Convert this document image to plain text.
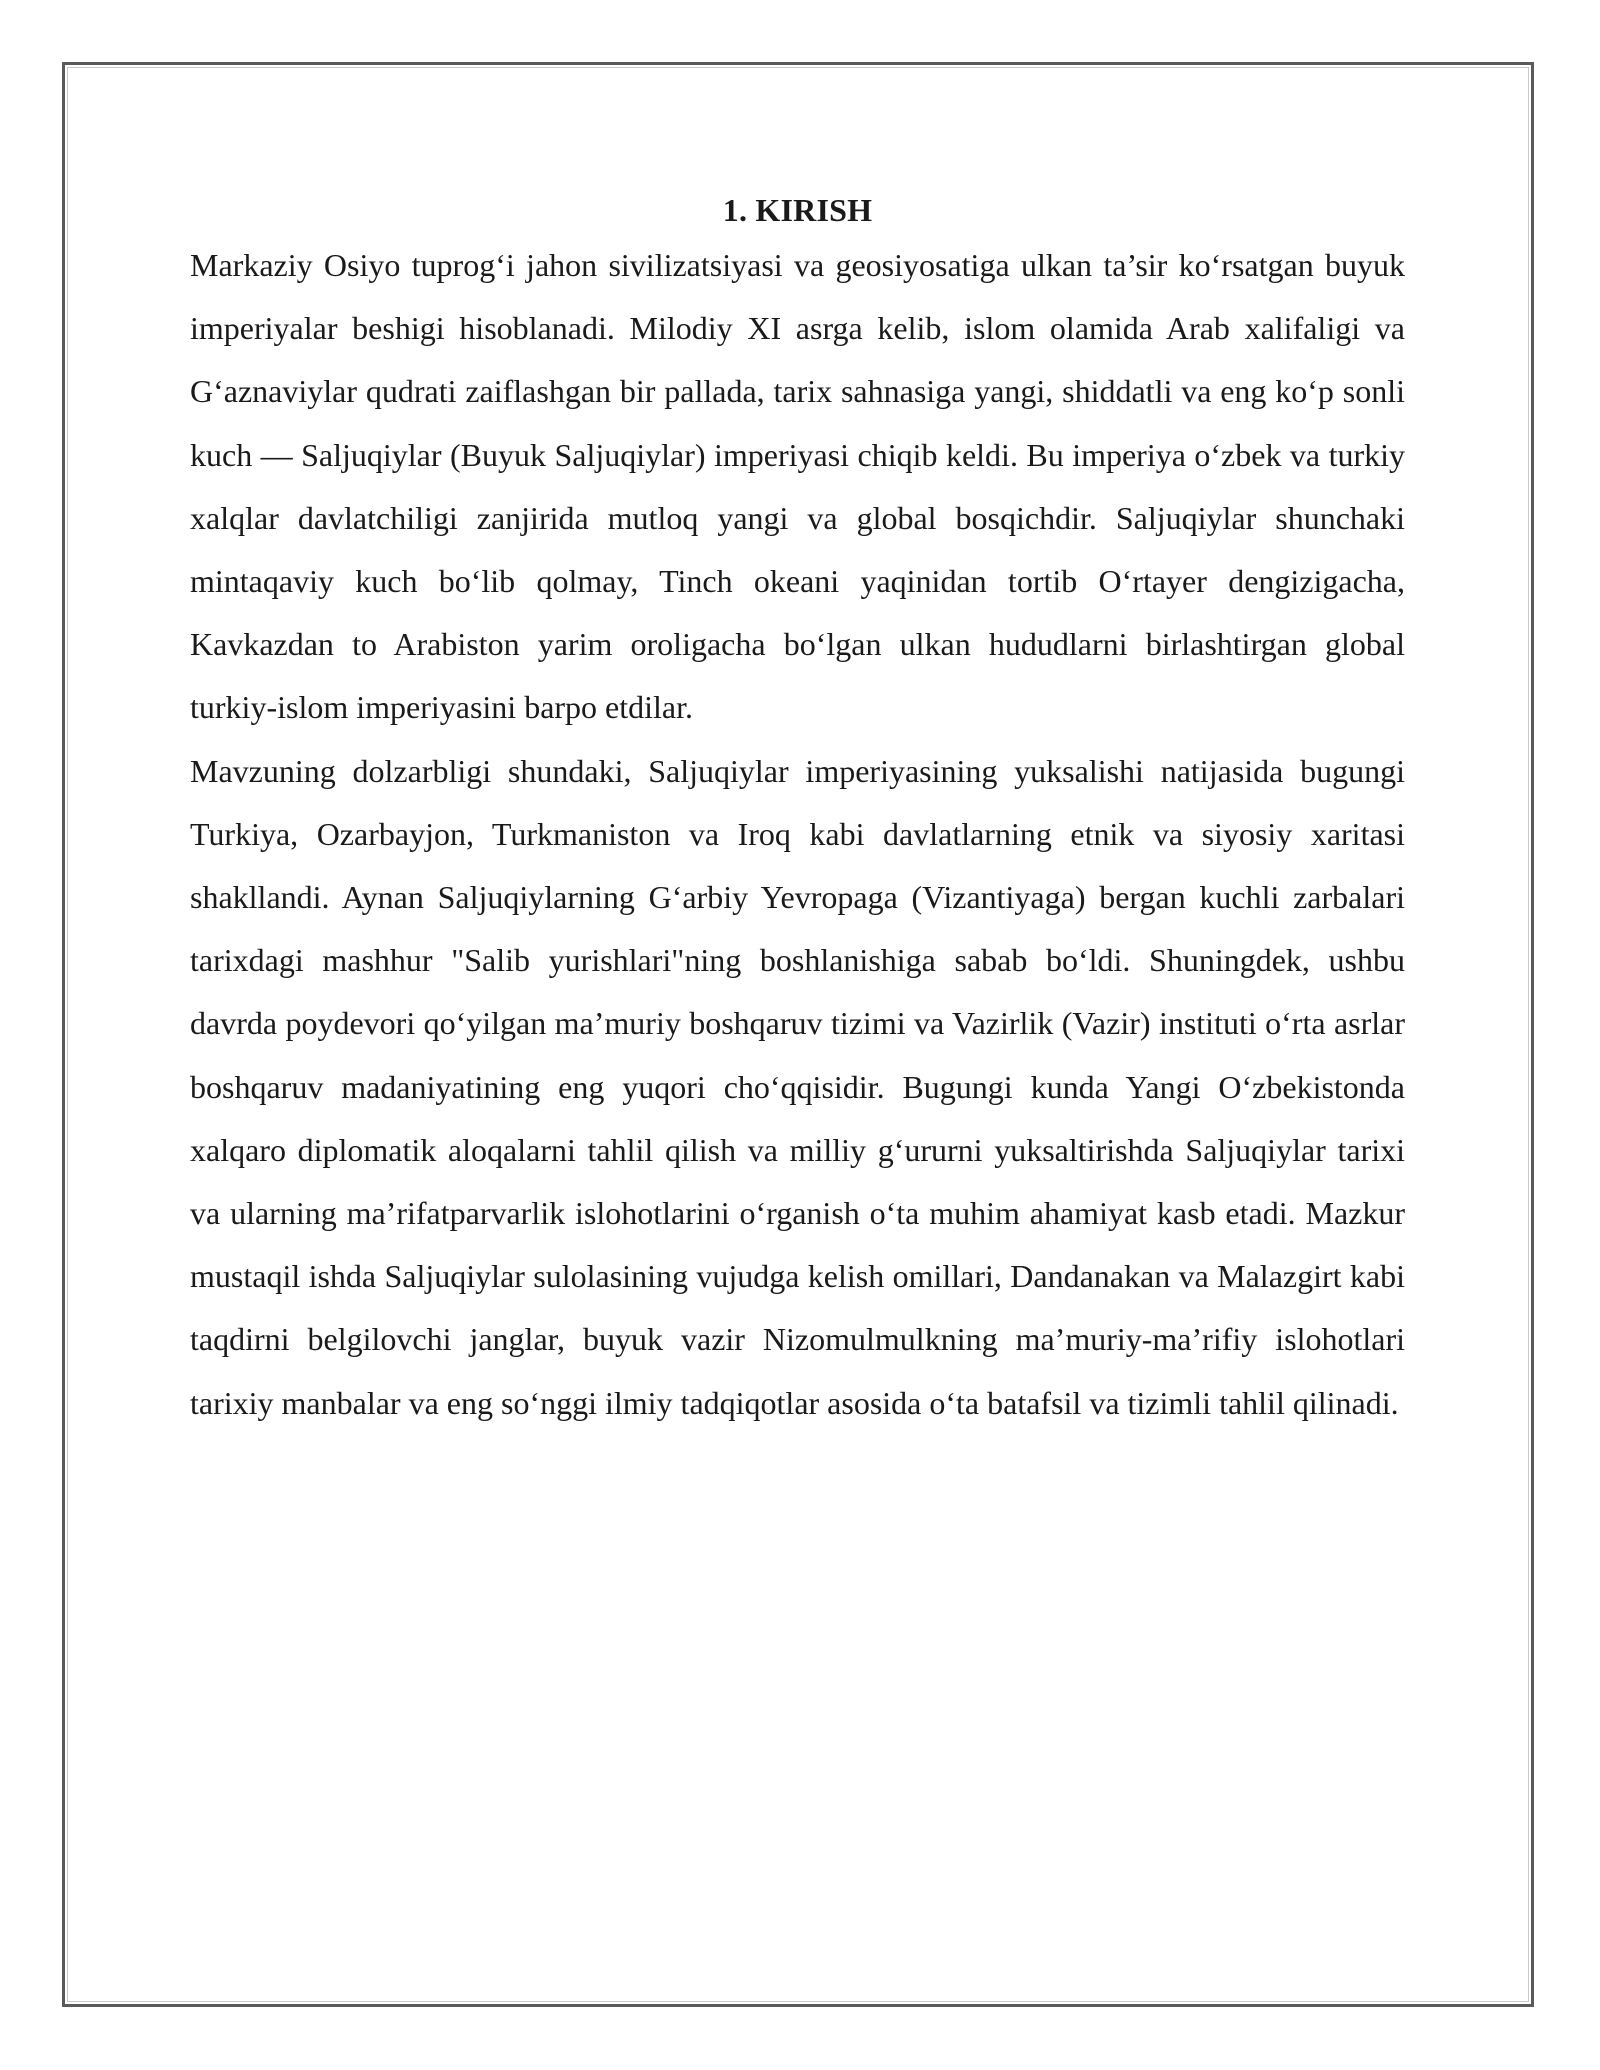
1. KIRISH

Markaziy Osiyo tuprog‘i jahon sivilizatsiyasi va geosiyosatiga ulkan ta’sir ko‘rsatgan buyuk imperiyalar beshigi hisoblanadi. Milodiy XI asrga kelib, islom olamida Arab xalifaligi va G‘aznaviylar qudrati zaiflashgan bir pallada, tarix sahnasiga yangi, shiddatli va eng ko‘p sonli kuch — Saljuqiylar (Buyuk Saljuqiylar) imperiyasi chiqib keldi. Bu imperiya o‘zbek va turkiy xalqlar davlatchiligi zanjirida mutloq yangi va global bosqichdir. Saljuqiylar shunchaki mintaqaviy kuch bo‘lib qolmay, Tinch okeani yaqinidan tortib O‘rtayer dengizigacha, Kavkazdan to Arabiston yarim oroligacha bo‘lgan ulkan hududlarni birlashtirgan global turkiy-islom imperiyasini barpo etdilar.

Mavzuning dolzarbligi shundaki, Saljuqiylar imperiyasining yuksalishi natijasida bugungi Turkiya, Ozarbayjon, Turkmaniston va Iroq kabi davlatlarning etnik va siyosiy xaritasi shakllandi. Aynan Saljuqiylarning G‘arbiy Yevropaga (Vizantiyaga) bergan kuchli zarbalari tarixdagi mashhur "Salib yurishlari"ning boshlanishiga sabab bo‘ldi. Shuningdek, ushbu davrda poydevori qo‘yilgan ma’muriy boshqaruv tizimi va Vazirlik (Vazir) instituti o‘rta asrlar boshqaruv madaniyatining eng yuqori cho‘qqisidir. Bugungi kunda Yangi O‘zbekistonda xalqaro diplomatik aloqalarni tahlil qilish va milliy g‘ururni yuksaltirishda Saljuqiylar tarixi va ularning ma’rifatparvarlik islohotlarini o‘rganish o‘ta muhim ahamiyat kasb etadi. Mazkur mustaqil ishda Saljuqiylar sulolasining vujudga kelish omillari, Dandanakan va Malazgirt kabi taqdirni belgilovchi janglar, buyuk vazir Nizomulmulkning ma’muriy-ma’rifiy islohotlari tarixiy manbalar va eng so‘nggi ilmiy tadqiqotlar asosida o‘ta batafsil va tizimli tahlil qilinadi.
